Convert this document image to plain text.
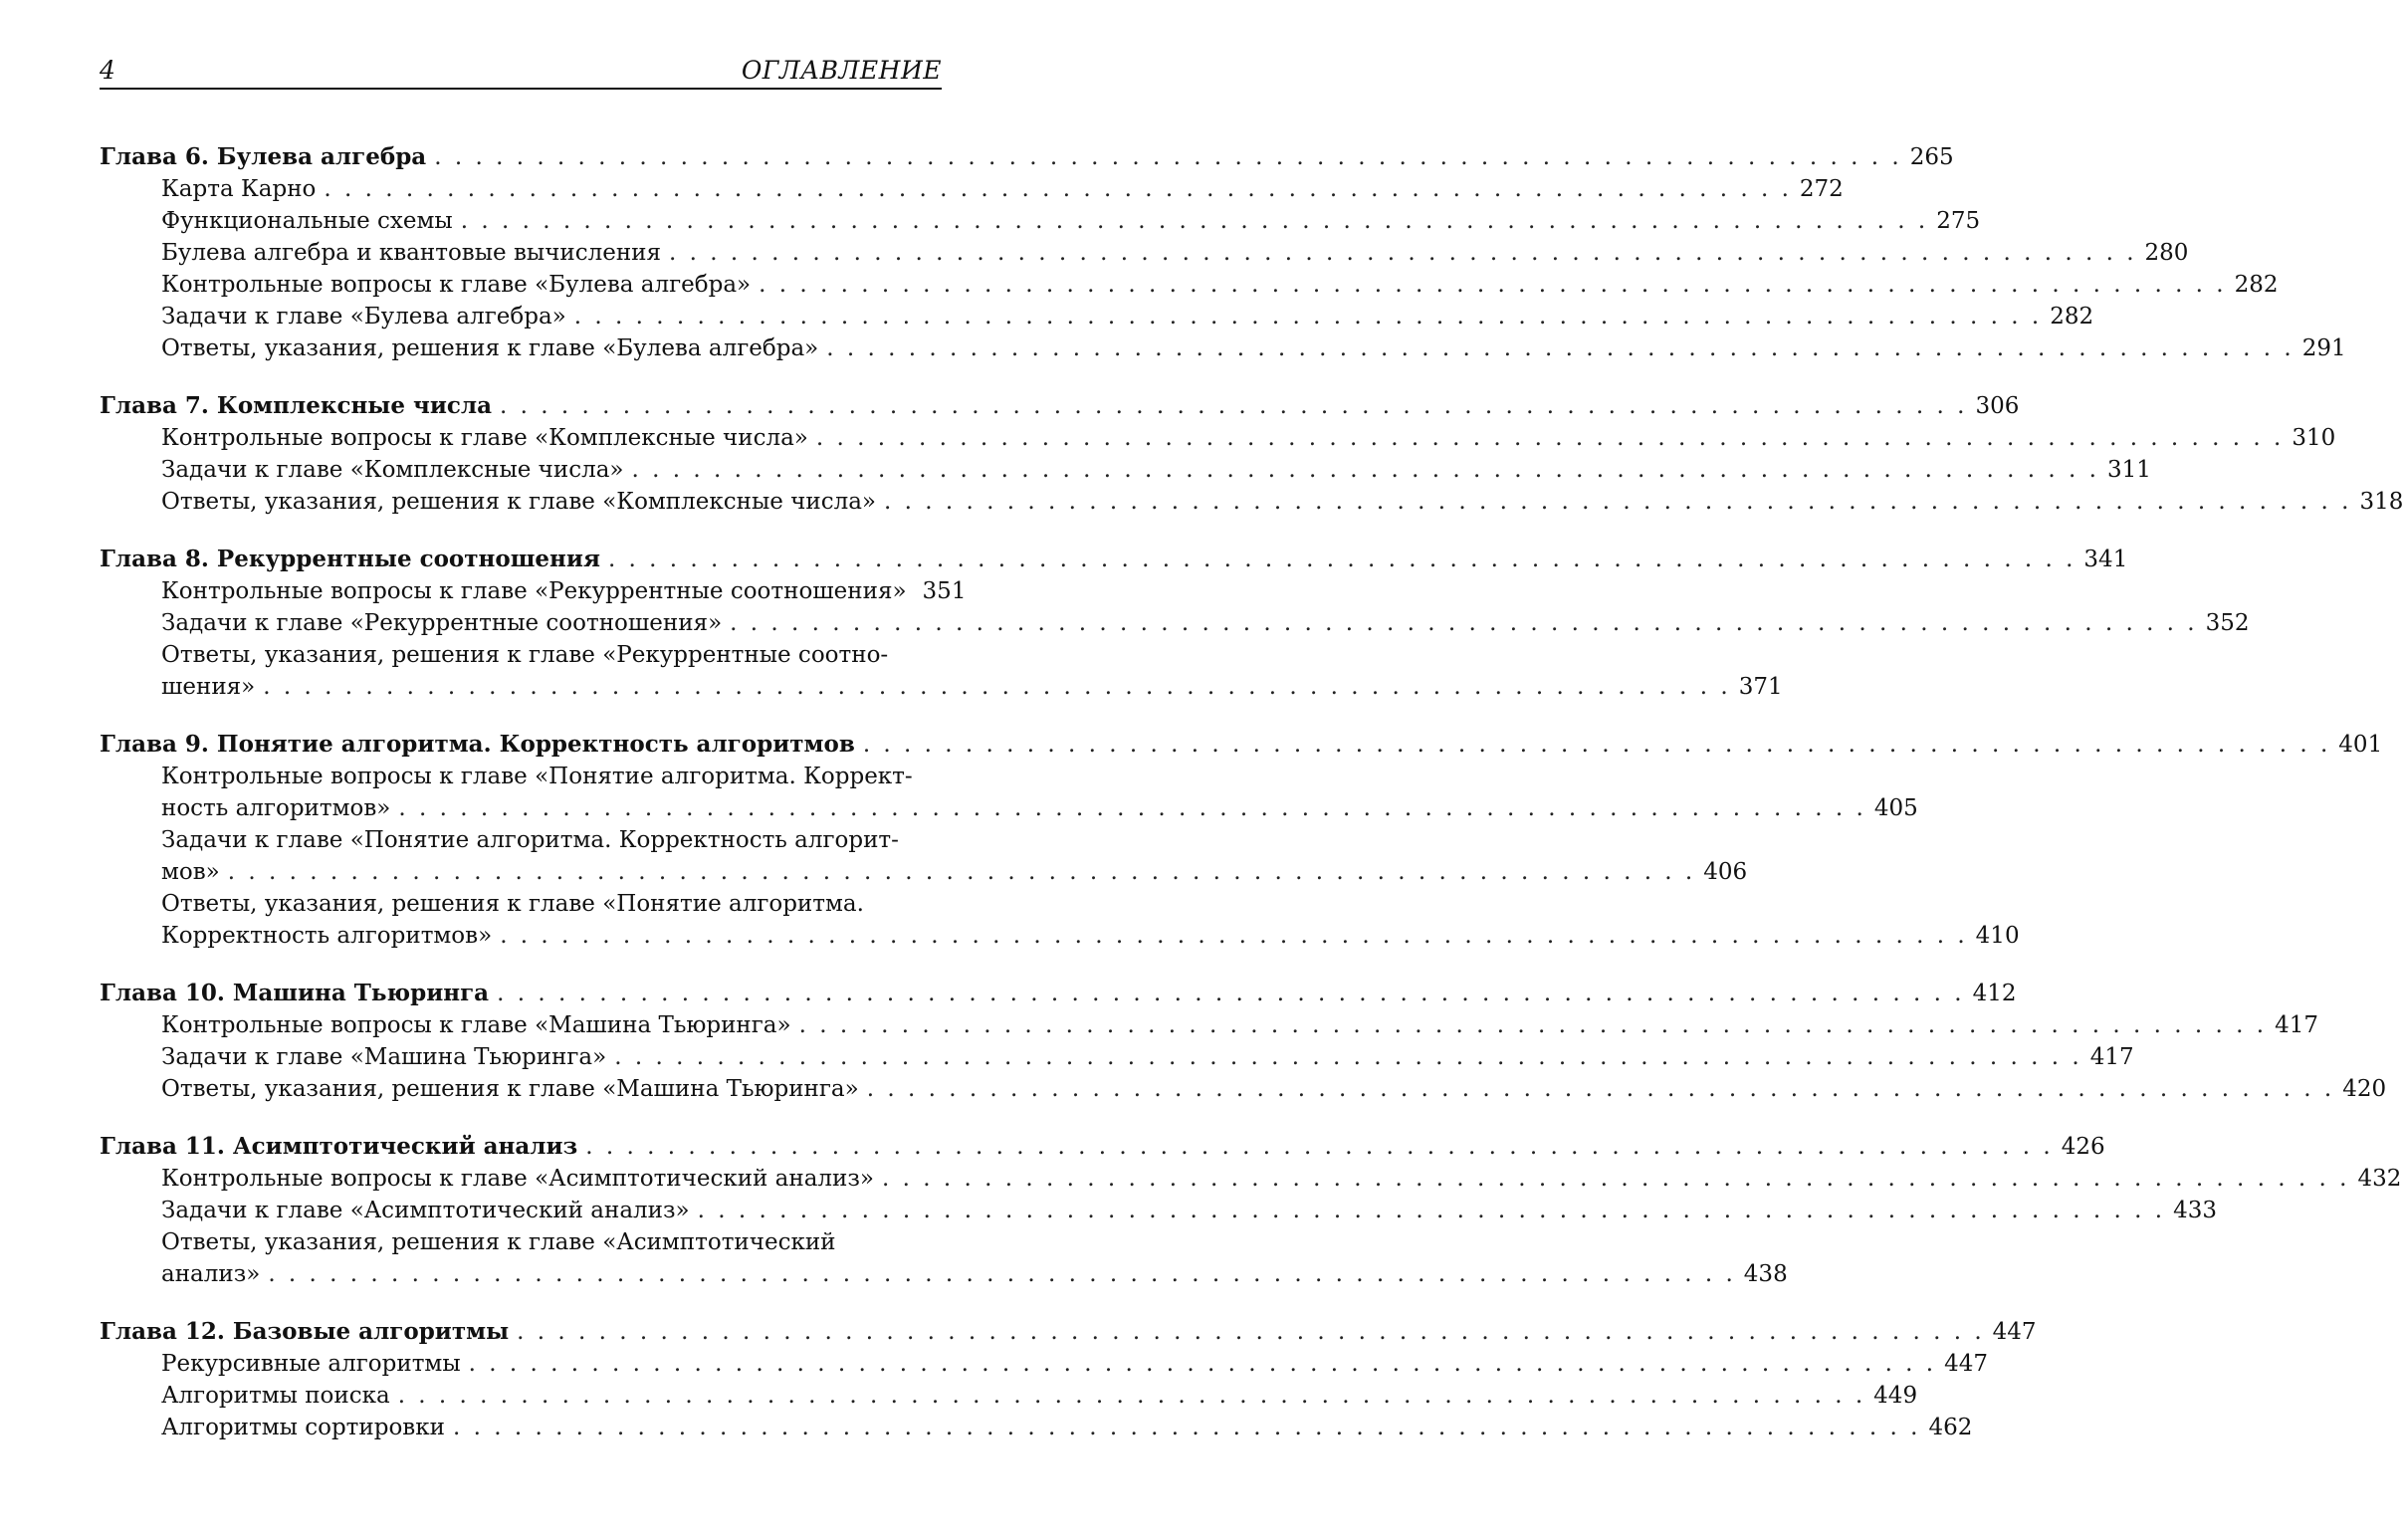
4	ОГЛАВЛЕНИЕ
Глава 6. Булева алгебра . . .	265
Карта Карно . . .	272
Функциональные схемы . . .	275
Булева алгебра и квантовые вычисления . . .	280
Контрольные вопросы к главе «Булева алгебра» . . .	282
Задачи к главе «Булева алгебра» . . .	282
Ответы, указания, решения к главе «Булева алгебра» . . .	291
Глава 7. Комплексные числа . . .	306
Контрольные вопросы к главе «Комплексные числа» . . .	310
Задачи к главе «Комплексные числа» . . .	311
Ответы, указания, решения к главе «Комплексные числа» . . .	318
Глава 8. Рекуррентные соотношения . . .	341
Контрольные вопросы к главе «Рекуррентные соотношения» 351
Задачи к главе «Рекуррентные соотношения» . . .	352
Ответы, указания, решения к главе «Рекуррентные соотно-
шения» . . .	371
Глава 9. Понятие алгоритма. Корректность алгоритмов . . .	401
Контрольные вопросы к главе «Понятие алгоритма. Коррект-
ность алгоритмов» . . .	405
Задачи к главе «Понятие алгоритма. Корректность алгорит-
мов» . . .	406
Ответы, указания, решения к главе «Понятие алгоритма.
Корректность алгоритмов» . . .	410
Глава 10. Машина Тьюринга . . .	412
Контрольные вопросы к главе «Машина Тьюринга» . . .	417
Задачи к главе «Машина Тьюринга» . . .	417
Ответы, указания, решения к главе «Машина Тьюринга» . . .	420
Глава 11. Асимптотический анализ . . .	426
Контрольные вопросы к главе «Асимптотический анализ» . . .	432
Задачи к главе «Асимптотический анализ» . . .	433
Ответы, указания, решения к главе «Асимптотический
анализ» . . .	438
Глава 12. Базовые алгоритмы . . .	447
Рекурсивные алгоритмы . . .	447
Алгоритмы поиска . . .	449
Алгоритмы сортировки . . .	462
